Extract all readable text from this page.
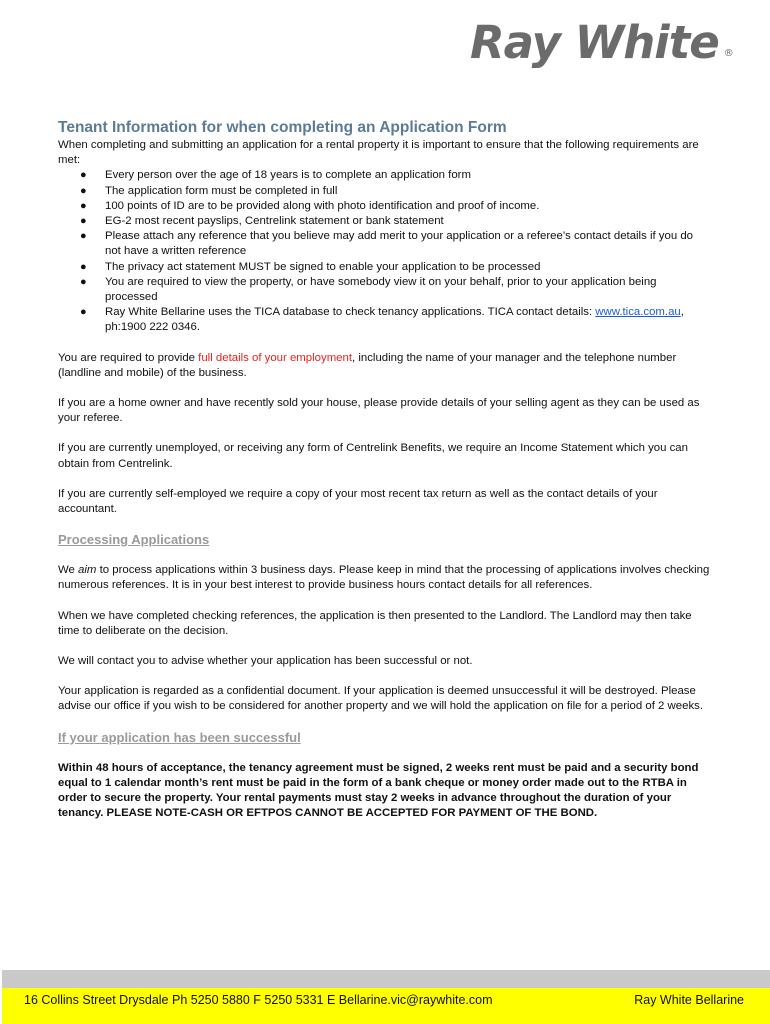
Ray White ®
Tenant Information for when completing an Application Form

When completing and submitting an application for a rental property it is important to ensure that the following requirements are met:

● Every person over the age of 18 years is to complete an application form
● The application form must be completed in full
● 100 points of ID are to be provided along with photo identification and proof of income.
● EG-2 most recent payslips, Centrelink statement or bank statement
● Please attach any reference that you believe may add merit to your application or a referee’s contact details if you do not have a written reference
● The privacy act statement MUST be signed to enable your application to be processed
● You are required to view the property, or have somebody view it on your behalf, prior to your application being processed
● Ray White Bellarine uses the TICA database to check tenancy applications. TICA contact details: www.tica.com.au, ph:1900 222 0346.

You are required to provide full details of your employment, including the name of your manager and the telephone number (landline and mobile) of the business.

If you are a home owner and have recently sold your house, please provide details of your selling agent as they can be used as your referee.

If you are currently unemployed, or receiving any form of Centrelink Benefits, we require an Income Statement which you can obtain from Centrelink.

If you are currently self-employed we require a copy of your most recent tax return as well as the contact details of your accountant.

Processing Applications

We aim to process applications within 3 business days. Please keep in mind that the processing of applications involves checking numerous references. It is in your best interest to provide business hours contact details for all references.

When we have completed checking references, the application is then presented to the Landlord. The Landlord may then take time to deliberate on the decision.

We will contact you to advise whether your application has been successful or not.

Your application is regarded as a confidential document. If your application is deemed unsuccessful it will be destroyed. Please advise our office if you wish to be considered for another property and we will hold the application on file for a period of 2 weeks.

If your application has been successful

Within 48 hours of acceptance, the tenancy agreement must be signed, 2 weeks rent must be paid and a security bond equal to 1 calendar month’s rent must be paid in the form of a bank cheque or money order made out to the RTBA in order to secure the property. Your rental payments must stay 2 weeks in advance throughout the duration of your tenancy. PLEASE NOTE-CASH OR EFTPOS CANNOT BE ACCEPTED FOR PAYMENT OF THE BOND.

16 Collins Street Drysdale Ph 5250 5880 F 5250 5331 E Bellarine.vic@raywhite.com	Ray White Bellarine
